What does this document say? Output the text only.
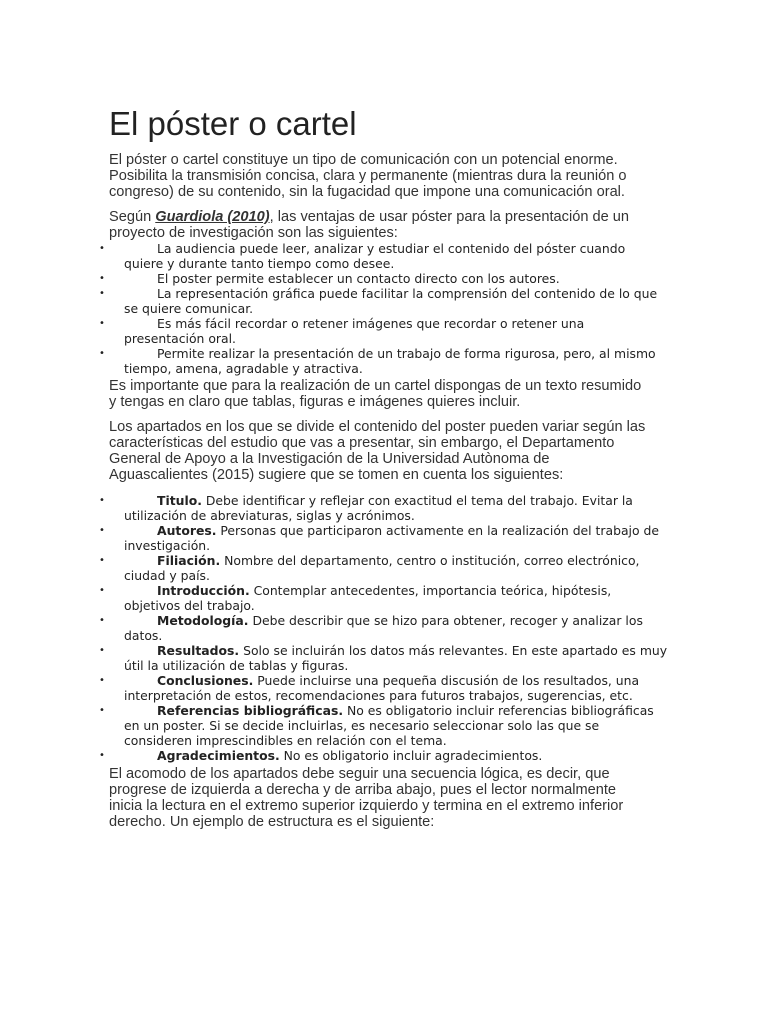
El póster o cartel

El póster o cartel constituye un tipo de comunicación con un potencial enorme. Posibilita la transmisión concisa, clara y permanente (mientras dura la reunión o congreso) de su contenido, sin la fugacidad que impone una comunicación oral.

Según Guardiola (2010), las ventajas de usar póster para la presentación de un proyecto de investigación son las siguientes:

•	La audiencia puede leer, analizar y estudiar el contenido del póster cuando quiere y durante tanto tiempo como desee.
•	El poster permite establecer un contacto directo con los autores.
•	La representación gráfica puede facilitar la comprensión del contenido de lo que se quiere comunicar.
•	Es más fácil recordar o retener imágenes que recordar o retener una presentación oral.
•	Permite realizar la presentación de un trabajo de forma rigurosa, pero, al mismo tiempo, amena, agradable y atractiva.

Es importante que para la realización de un cartel dispongas de un texto resumido y tengas en claro que tablas, figuras e imágenes quieres incluir.

Los apartados en los que se divide el contenido del poster pueden variar según las características del estudio que vas a presentar, sin embargo, el Departamento General de Apoyo a la Investigación de la Universidad Autònoma de Aguascalientes (2015) sugiere que se tomen en cuenta los siguientes:

•	Titulo. Debe identificar y reflejar con exactitud el tema del trabajo. Evitar la utilización de abreviaturas, siglas y acrónimos.
•	Autores. Personas que participaron activamente en la realización del trabajo de investigación.
•	Filiación. Nombre del departamento, centro o institución, correo electrónico, ciudad y país.
•	Introducción. Contemplar antecedentes, importancia teórica, hipótesis, objetivos del trabajo.
•	Metodología. Debe describir que se hizo para obtener, recoger y analizar los datos.
•	Resultados. Solo se incluirán los datos más relevantes. En este apartado es muy útil la utilización de tablas y figuras.
•	Conclusiones. Puede incluirse una pequeña discusión de los resultados, una interpretación de estos, recomendaciones para futuros trabajos, sugerencias, etc.
•	Referencias bibliográficas. No es obligatorio incluir referencias bibliográficas en un poster. Si se decide incluirlas, es necesario seleccionar solo las que se consideren imprescindibles en relación con el tema.
•	Agradecimientos. No es obligatorio incluir agradecimientos.

El acomodo de los apartados debe seguir una secuencia lógica, es decir, que progrese de izquierda a derecha y de arriba abajo, pues el lector normalmente inicia la lectura en el extremo superior izquierdo y termina en el extremo inferior derecho. Un ejemplo de estructura es el siguiente:
